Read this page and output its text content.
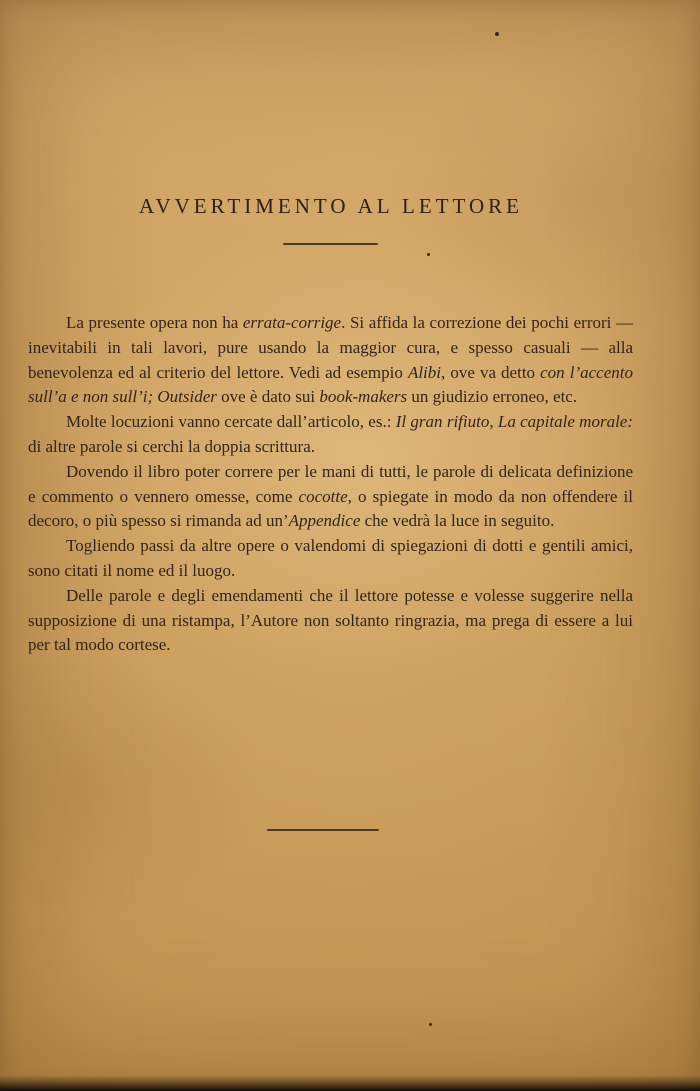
AVVERTIMENTO AL LETTORE

La presente opera non ha errata-corrige. Si affida la correzione dei pochi errori — inevitabili in tali lavori, pure usando la maggior cura, e spesso casuali — alla benevolenza ed al criterio del lettore. Vedi ad esempio Alibi, ove va detto con l’accento sull’a e non sull’i; Outsider ove è dato sui book-makers un giudizio erroneo, etc.

Molte locuzioni vanno cercate dall’articolo, es.: Il gran rifiuto, La capitale morale: di altre parole si cerchi la doppia scrittura.

Dovendo il libro poter correre per le mani di tutti, le parole di delicata definizione e commento o vennero omesse, come cocotte, o spiegate in modo da non offendere il decoro, o più spesso si rimanda ad un’Appendice che vedrà la luce in seguito.

Togliendo passi da altre opere o valendomi di spiegazioni di dotti e gentili amici, sono citati il nome ed il luogo.

Delle parole e degli emendamenti che il lettore potesse e volesse suggerire nella supposizione di una ristampa, l’Autore non soltanto ringrazia, ma prega di essere a lui per tal modo cortese.
